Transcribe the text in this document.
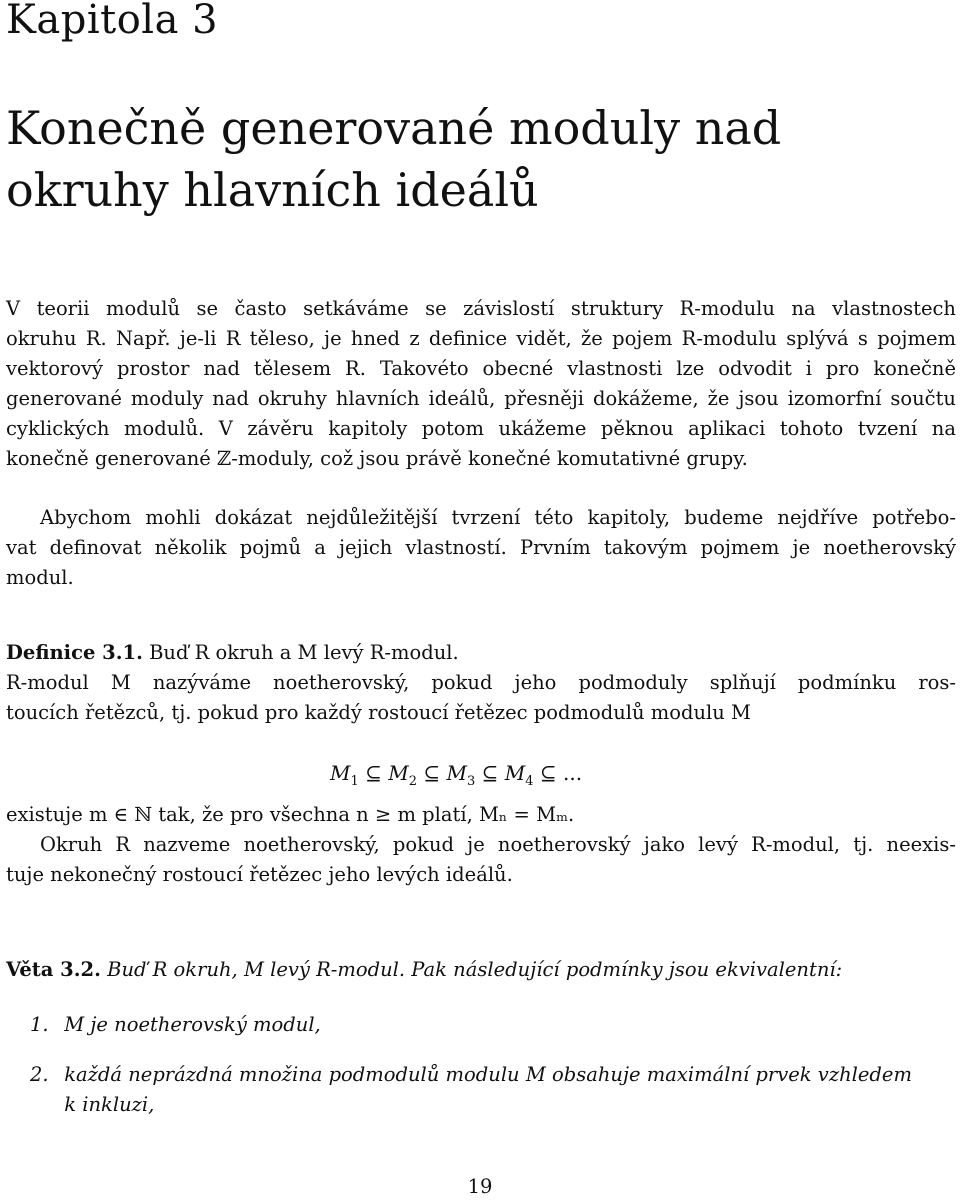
Kapitola 3
Konečně generované moduly nad
okruhy hlavních ideálů
V teorii modulů se často setkáváme se závislostí struktury R-modulu na vlastnostech
okruhu R. Např. je-li R těleso, je hned z definice vidět, že pojem R-modulu splývá s pojmem
vektorový prostor nad tělesem R. Takovéto obecné vlastnosti lze odvodit i pro konečně
generované moduly nad okruhy hlavních ideálů, přesněji dokážeme, že jsou izomorfní součtu
cyklických modulů. V závěru kapitoly potom ukážeme pěknou aplikaci tohoto tvzení na
konečně generované ℤ-moduly, což jsou právě konečné komutativné grupy.
Abychom mohli dokázat nejdůležitější tvrzení této kapitoly, budeme nejdříve potřebo-
vat definovat několik pojmů a jejich vlastností. Prvním takovým pojmem je noetherovský
modul.
Definice 3.1. Buď R okruh a M levý R-modul.
R-modul M nazýváme noetherovský, pokud jeho podmoduly splňují podmínku ros-
toucích řetězců, tj. pokud pro každý rostoucí řetězec podmodulů modulu M
$M_1$ ⊆ $M_2$ ⊆ $M_3$ ⊆ $M_4$ ⊆ ...
existuje m ∈ ℕ tak, že pro všechna n ≥ m platí, Mₙ = Mₘ.
Okruh R nazveme noetherovský, pokud je noetherovský jako levý R-modul, tj. neexis-
tuje nekonečný rostoucí řetězec jeho levých ideálů.
Věta 3.2. Buď R okruh, M levý R-modul. Pak následující podmínky jsou ekvivalentní:
1. M je noetherovský modul,
2. každá neprázdná množina podmodulů modulu M obsahuje maximální prvek vzhledem
k inkluzi,
19
